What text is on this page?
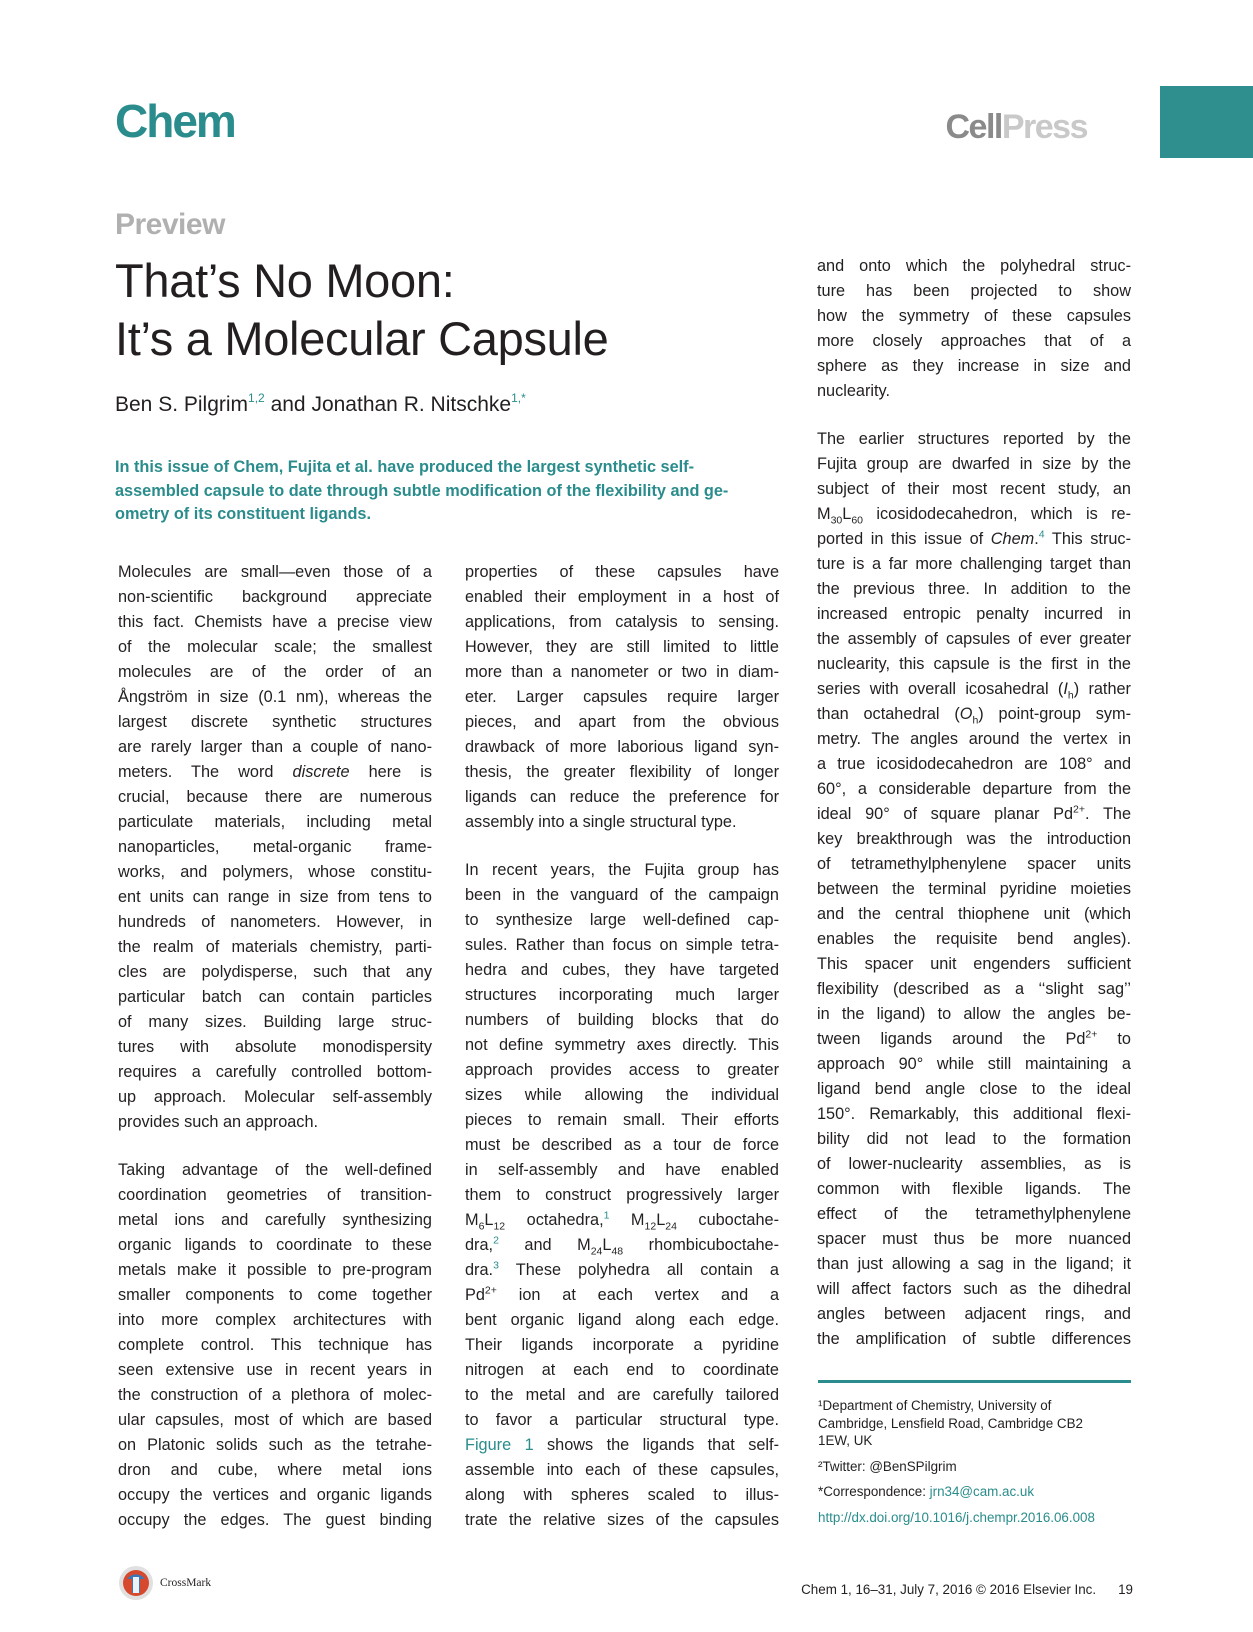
Chem	CellPress
Preview
That’s No Moon:
It’s a Molecular Capsule
Ben S. Pilgrim$^{1,2}$ and Jonathan R. Nitschke$^{1,*}$
In this issue of Chem, Fujita et al. have produced the largest synthetic self-
assembled capsule to date through subtle modification of the flexibility and ge-
ometry of its constituent ligands.
Molecules are small—even those of a
non-scientific background appreciate
this fact. Chemists have a precise view
of the molecular scale; the smallest
molecules are of the order of an
Ångström in size (0.1 nm), whereas the
largest discrete synthetic structures
are rarely larger than a couple of nano-
meters. The word discrete here is
crucial, because there are numerous
particulate materials, including metal
nanoparticles, metal-organic frame-
works, and polymers, whose constitu-
ent units can range in size from tens to
hundreds of nanometers. However, in
the realm of materials chemistry, parti-
cles are polydisperse, such that any
particular batch can contain particles
of many sizes. Building large struc-
tures with absolute monodispersity
requires a carefully controlled bottom-
up approach. Molecular self-assembly
provides such an approach.
Taking advantage of the well-defined
coordination geometries of transition-
metal ions and carefully synthesizing
organic ligands to coordinate to these
metals make it possible to pre-program
smaller components to come together
into more complex architectures with
complete control. This technique has
seen extensive use in recent years in
the construction of a plethora of molec-
ular capsules, most of which are based
on Platonic solids such as the tetrahe-
dron and cube, where metal ions
occupy the vertices and organic ligands
occupy the edges. The guest binding
properties of these capsules have
enabled their employment in a host of
applications, from catalysis to sensing.
However, they are still limited to little
more than a nanometer or two in diam-
eter. Larger capsules require larger
pieces, and apart from the obvious
drawback of more laborious ligand syn-
thesis, the greater flexibility of longer
ligands can reduce the preference for
assembly into a single structural type.
In recent years, the Fujita group has
been in the vanguard of the campaign
to synthesize large well-defined cap-
sules. Rather than focus on simple tetra-
hedra and cubes, they have targeted
structures incorporating much larger
numbers of building blocks that do
not define symmetry axes directly. This
approach provides access to greater
sizes while allowing the individual
pieces to remain small. Their efforts
must be described as a tour de force
in self-assembly and have enabled
them to construct progressively larger
$M_6L_{12}$ octahedra,$^1$ $M_{12}L_{24}$ cuboctahe-
dra,$^2$ and $M_{24}L_{48}$ rhombicuboctahe-
dra.$^3$ These polyhedra all contain a
$Pd^{2+}$ ion at each vertex and a
bent organic ligand along each edge.
Their ligands incorporate a pyridine
nitrogen at each end to coordinate
to the metal and are carefully tailored
to favor a particular structural type.
Figure 1 shows the ligands that self-
assemble into each of these capsules,
along with spheres scaled to illus-
trate the relative sizes of the capsules
and onto which the polyhedral struc-
ture has been projected to show
how the symmetry of these capsules
more closely approaches that of a
sphere as they increase in size and
nuclearity.
The earlier structures reported by the
Fujita group are dwarfed in size by the
subject of their most recent study, an
$M_{30}L_{60}$ icosidodecahedron, which is re-
ported in this issue of Chem.$^4$ This struc-
ture is a far more challenging target than
the previous three. In addition to the
increased entropic penalty incurred in
the assembly of capsules of ever greater
nuclearity, this capsule is the first in the
series with overall icosahedral $(I_h)$ rather
than octahedral $(O_h)$ point-group sym-
metry. The angles around the vertex in
a true icosidodecahedron are 108° and
60°, a considerable departure from the
ideal 90° of square planar $Pd^{2+}$. The
key breakthrough was the introduction
of tetramethylphenylene spacer units
between the terminal pyridine moieties
and the central thiophene unit (which
enables the requisite bend angles).
This spacer unit engenders sufficient
flexibility (described as a ‘‘slight sag’’
in the ligand) to allow the angles be-
tween ligands around the $Pd^{2+}$ to
approach 90° while still maintaining a
ligand bend angle close to the ideal
150°. Remarkably, this additional flexi-
bility did not lead to the formation
of lower-nuclearity assemblies, as is
common with flexible ligands. The
effect of the tetramethylphenylene
spacer must thus be more nuanced
than just allowing a sag in the ligand; it
will affect factors such as the dihedral
angles between adjacent rings, and
the amplification of subtle differences
¹Department of Chemistry, University of
Cambridge, Lensfield Road, Cambridge CB2
1EW, UK
²Twitter: @BenSPilgrim
*Correspondence: jrn34@cam.ac.uk
http://dx.doi.org/10.1016/j.chempr.2016.06.008
CrossMark	Chem 1, 16–31, July 7, 2016 © 2016 Elsevier Inc. 19
